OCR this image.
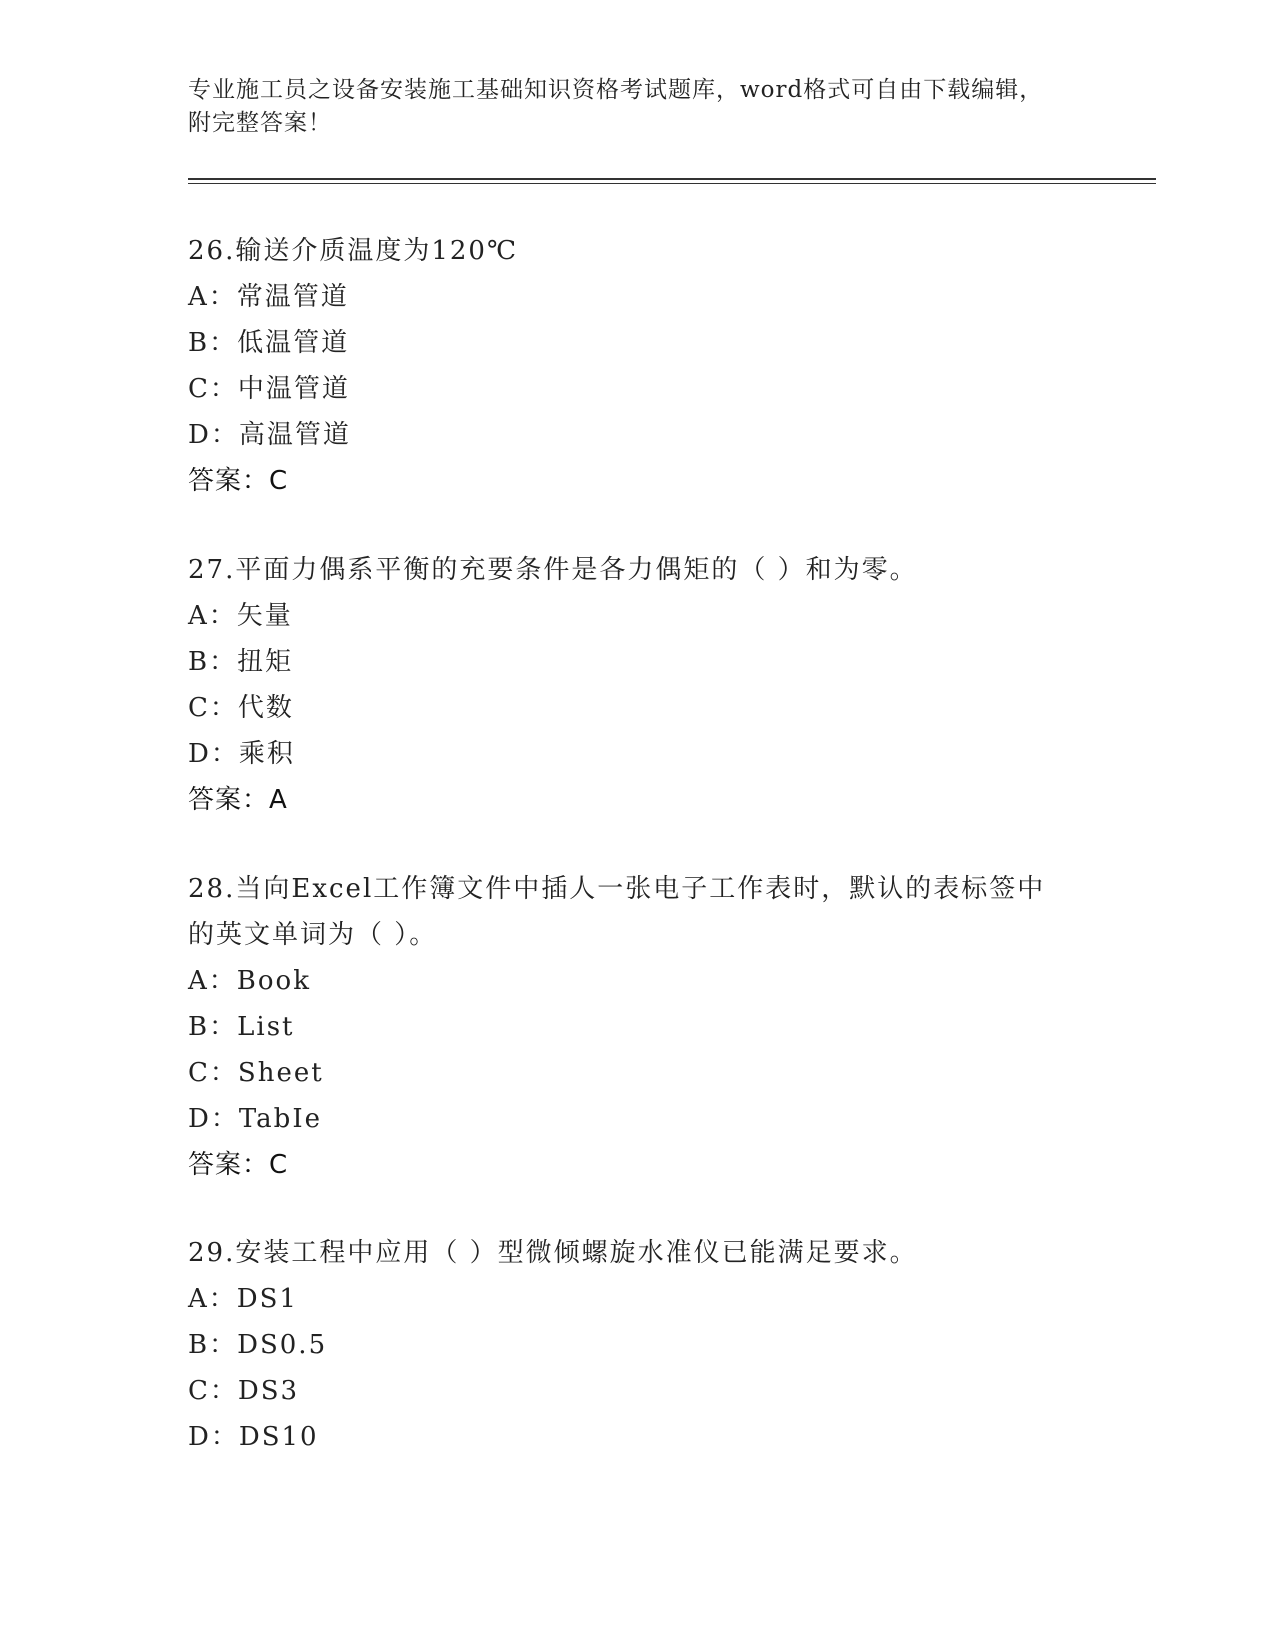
专业施工员之设备安装施工基础知识资格考试题库，word格式可自由下载编辑，
附完整答案！
26.输送介质温度为120℃
A：常温管道
B：低温管道
C：中温管道
D：高温管道
答案：C
27.平面力偶系平衡的充要条件是各力偶矩的（ ）和为零。
A：矢量
B：扭矩
C：代数
D：乘积
答案：A
28.当向Excel工作簿文件中插人一张电子工作表时，默认的表标签中
的英文单词为（ ）。
A：Book
B：List
C：Sheet
D：TabIe
答案：C
29.安装工程中应用（ ）型微倾螺旋水准仪已能满足要求。
A：DS1
B：DS0.5
C：DS3
D：DS10
